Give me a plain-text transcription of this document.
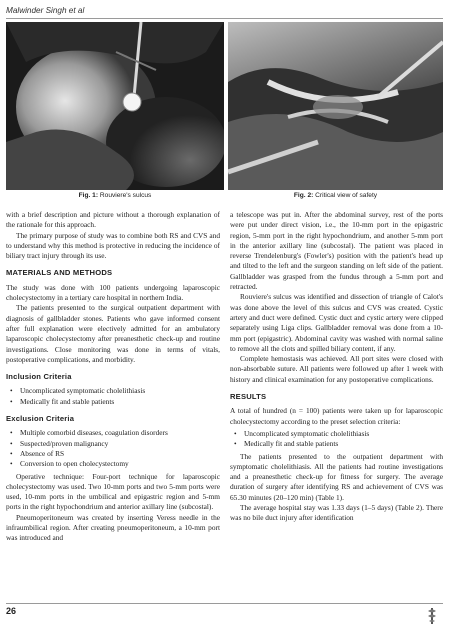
Malwinder Singh et al
Fig. 1: Rouviere's sulcus	Fig. 2: Critical view of safety

with a brief description and picture without a thorough explanation of the rationale for this approach.

The primary purpose of study was to combine both RS and CVS and to understand why this method is protective in reducing the incidence of biliary tract injury through its use.

MATERIALS AND METHODS

The study was done with 100 patients undergoing laparoscopic cholecystectomy in a tertiary care hospital in northern India.

The patients presented to the surgical outpatient department with diagnosis of gallbladder stones. Patients who gave informed consent after full explanation were electively admitted for an ambulatory laparoscopic cholecystectomy after preanesthetic check-up and routine investigations. Close monitoring was done in terms of vitals, postoperative complications, and morbidity.

Inclusion Criteria
• Uncomplicated symptomatic cholelithiasis
• Medically fit and stable patients
Exclusion Criteria
• Multiple comorbid diseases, coagulation disorders
• Suspected/proven malignancy
• Absence of RS
• Conversion to open cholecystectomy

Operative technique: Four-port technique for laparoscopic cholecystectomy was used. Two 10-mm ports and two 5-mm ports were used, 10-mm ports in the umbilical and epigastric region and 5-mm ports in the right hypochondrium and anterior axillary line (subcostal).

Pneumoperitoneum was created by inserting Veress needle in the infraumbilical region. After creating pneumoperitoneum, a 10-mm port was introduced and

a telescope was put in. After the abdominal survey, rest of the ports were put under direct vision, i.e., the 10-mm port in the epigastric region, 5-mm port in the right hypochondrium, and another 5-mm port in the anterior axillary line (subcostal). The patient was placed in reverse Trendelenburg's (Fowler's) position with the patient's head up and tilted to the left and the surgeon standing on left side of the patient. Gallbladder was grasped from the fundus through a 5-mm port and retracted.

Rouviere's sulcus was identified and dissection of triangle of Calot's was done above the level of this sulcus and CVS was created. Cystic artery and duct were defined. Cystic duct and cystic artery were clipped separately using Liga clips. Gallbladder removal was done from a 10-mm port (epigastric). Abdominal cavity was washed with normal saline to remove all the clots and spilled biliary content, if any.

Complete hemostasis was achieved. All port sites were closed with non-absorbable suture. All patients were followed up after 1 week with history and clinical examination for any postoperative complications.

RESULTS

A total of hundred (n = 100) patients were taken up for laparoscopic cholecystectomy according to the preset selection criteria:

• Uncomplicated symptomatic cholelithiasis
• Medically fit and stable patients

The patients presented to the outpatient department with symptomatic cholelithiasis. All the patients had routine investigations and a preanesthetic check-up for fitness for surgery. The average duration of surgery after identifying RS and achievement of CVS was 65.30 minutes (20–120 min) (Table 1).

The average hospital stay was 1.33 days (1–5 days) (Table 2). There was no bile duct injury after identification

26
